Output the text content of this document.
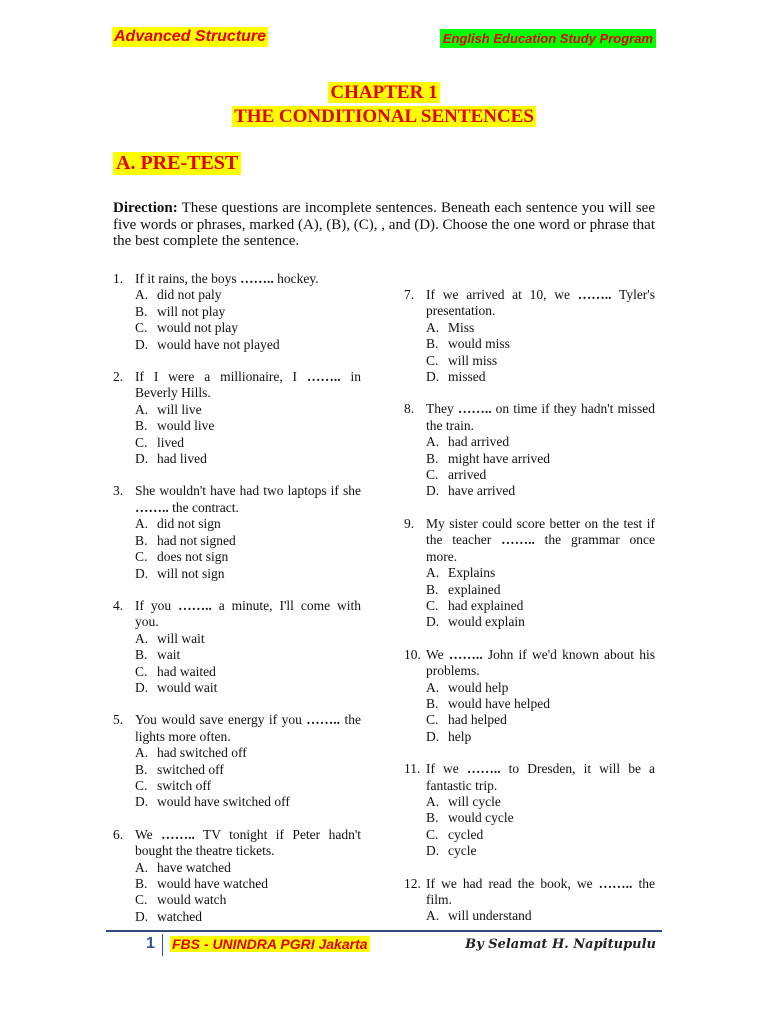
Advanced Structure	English Education Study Program
CHAPTER 1
THE CONDITIONAL SENTENCES
A. PRE-TEST
Direction: These questions are incomplete sentences. Beneath each sentence you will see five words or phrases, marked (A), (B), (C), , and (D). Choose the one word or phrase that the best complete the sentence.
1. If it rains, the boys …….. hockey.
A. did not paly
B. will not play
C. would not play
D. would have not played
2. If I were a millionaire, I …….. in Beverly Hills.
A. will live
B. would live
C. lived
D. had lived
3. She wouldn't have had two laptops if she …….. the contract.
A. did not sign
B. had not signed
C. does not sign
D. will not sign
4. If you …….. a minute, I'll come with you.
A. will wait
B. wait
C. had waited
D. would wait
5. You would save energy if you …….. the lights more often.
A. had switched off
B. switched off
C. switch off
D. would have switched off
6. We …….. TV tonight if Peter hadn't bought the theatre tickets.
A. have watched
B. would have watched
C. would watch
D. watched
7. If we arrived at 10, we …….. Tyler's presentation.
A. Miss
B. would miss
C. will miss
D. missed
8. They …….. on time if they hadn't missed the train.
A. had arrived
B. might have arrived
C. arrived
D. have arrived
9. My sister could score better on the test if the teacher …….. the grammar once more.
A. Explains
B. explained
C. had explained
D. would explain
10. We …….. John if we'd known about his problems.
A. would help
B. would have helped
C. had helped
D. help
11. If we …….. to Dresden, it will be a fantastic trip.
A. will cycle
B. would cycle
C. cycled
D. cycle
12. If we had read the book, we …….. the film.
A. will understand
1 FBS - UNINDRA PGRI Jakarta	By Selamat H. Napitupulu
